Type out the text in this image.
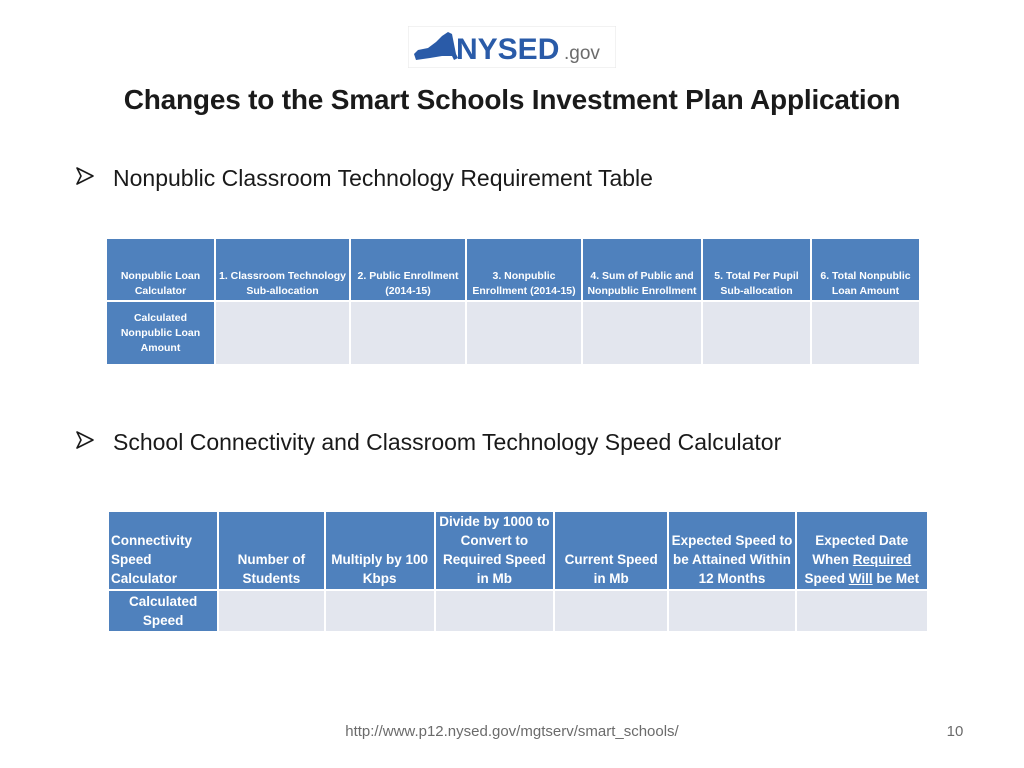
NYSED .gov
Changes to the Smart Schools Investment Plan Application
Nonpublic Classroom Technology Requirement Table
Nonpublic Loan Calculator	1. Classroom Technology Sub-allocation	2. Public Enrollment (2014-15)	3. Nonpublic Enrollment (2014-15)	4. Sum of Public and Nonpublic Enrollment	5. Total Per Pupil Sub-allocation	6. Total Nonpublic Loan Amount
Calculated Nonpublic Loan Amount						
School Connectivity and Classroom Technology Speed Calculator
Connectivity Speed Calculator	Number of Students	Multiply by 100 Kbps	Divide by 1000 to Convert to Required Speed in Mb	Current Speed in Mb	Expected Speed to be Attained Within 12 Months	Expected Date When Required Speed Will be Met
Calculated Speed						
http://www.p12.nysed.gov/mgtserv/smart_schools/	10
